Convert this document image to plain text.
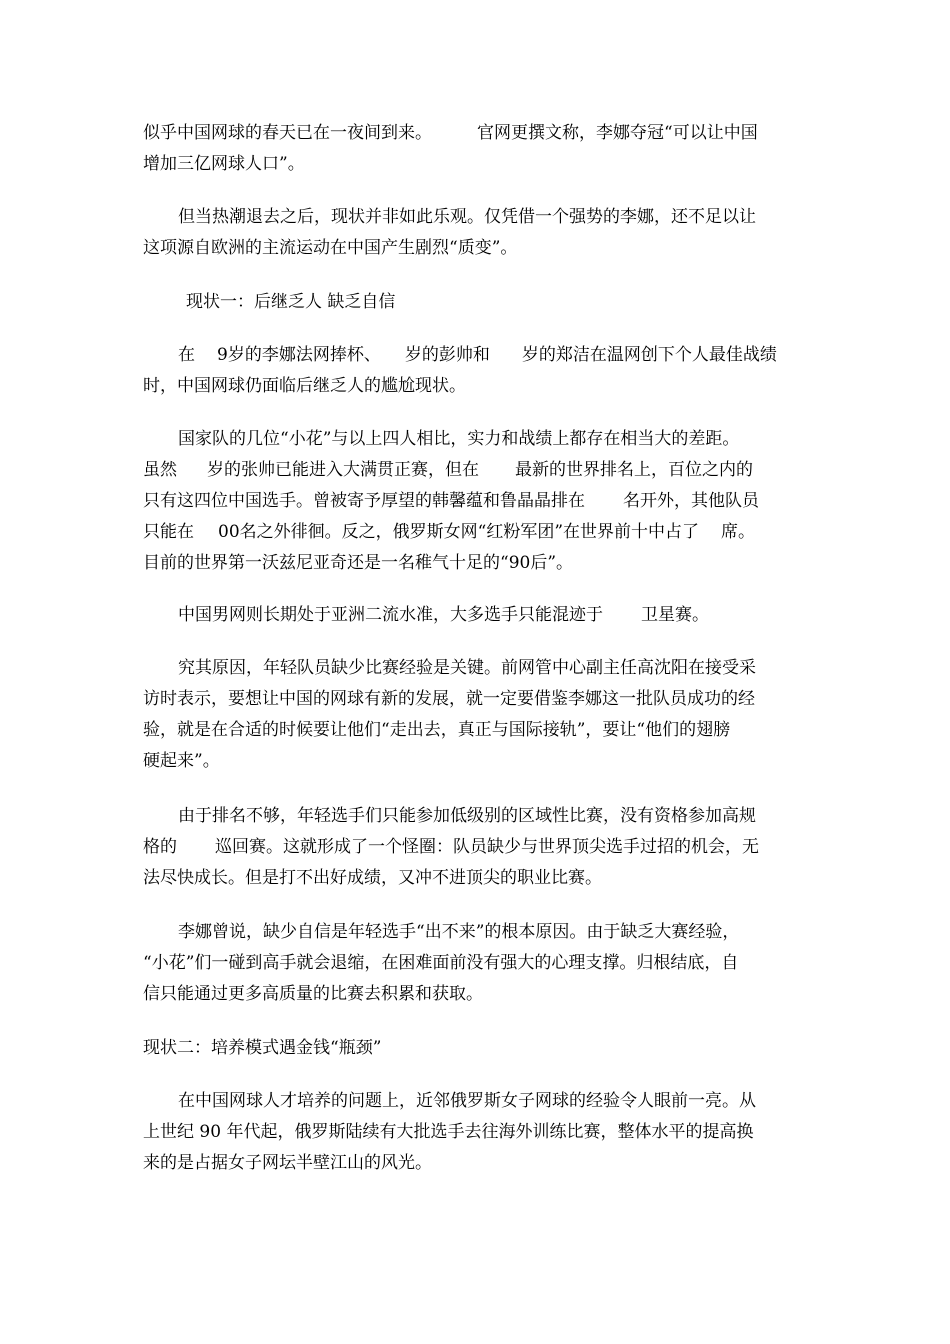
似乎中国网球的春天已在一夜间到来。	官网更撰文称，李娜夺冠“可以让中国
增加三亿网球人口”。
但当热潮退去之后，现状并非如此乐观。仅凭借一个强势的李娜，还不足以让
这项源自欧洲的主流运动在中国产生剧烈“质变”。
现状一：后继乏人 缺乏自信
在 9岁的李娜法网捧杯、 岁的彭帅和 岁的郑洁在温网创下个人最佳战绩
时，中国网球仍面临后继乏人的尴尬现状。
国家队的几位“小花”与以上四人相比，实力和战绩上都存在相当大的差距。
虽然 岁的张帅已能进入大满贯正赛，但在 最新的世界排名上，百位之内的
只有这四位中国选手。曾被寄予厚望的韩馨蕴和鲁晶晶排在 名开外，其他队员
只能在 00名之外徘徊。反之，俄罗斯女网“红粉军团”在世界前十中占了 席。
目前的世界第一沃兹尼亚奇还是一名稚气十足的“90后”。
中国男网则长期处于亚洲二流水准，大多选手只能混迹于 卫星赛。
究其原因，年轻队员缺少比赛经验是关键。前网管中心副主任高沈阳在接受采
访时表示，要想让中国的网球有新的发展，就一定要借鉴李娜这一批队员成功的经
验，就是在合适的时候要让他们“走出去，真正与国际接轨”，要让“他们的翅膀
硬起来”。
由于排名不够，年轻选手们只能参加低级别的区域性比赛，没有资格参加高规
格的 巡回赛。这就形成了一个怪圈：队员缺少与世界顶尖选手过招的机会，无
法尽快成长。但是打不出好成绩，又冲不进顶尖的职业比赛。
李娜曾说，缺少自信是年轻选手“出不来”的根本原因。由于缺乏大赛经验，
“小花”们一碰到高手就会退缩，在困难面前没有强大的心理支撑。归根结底，自
信只能通过更多高质量的比赛去积累和获取。
现状二：培养模式遇金钱“瓶颈”
在中国网球人才培养的问题上，近邻俄罗斯女子网球的经验令人眼前一亮。从
上世纪 90 年代起，俄罗斯陆续有大批选手去往海外训练比赛，整体水平的提高换
来的是占据女子网坛半壁江山的风光。
